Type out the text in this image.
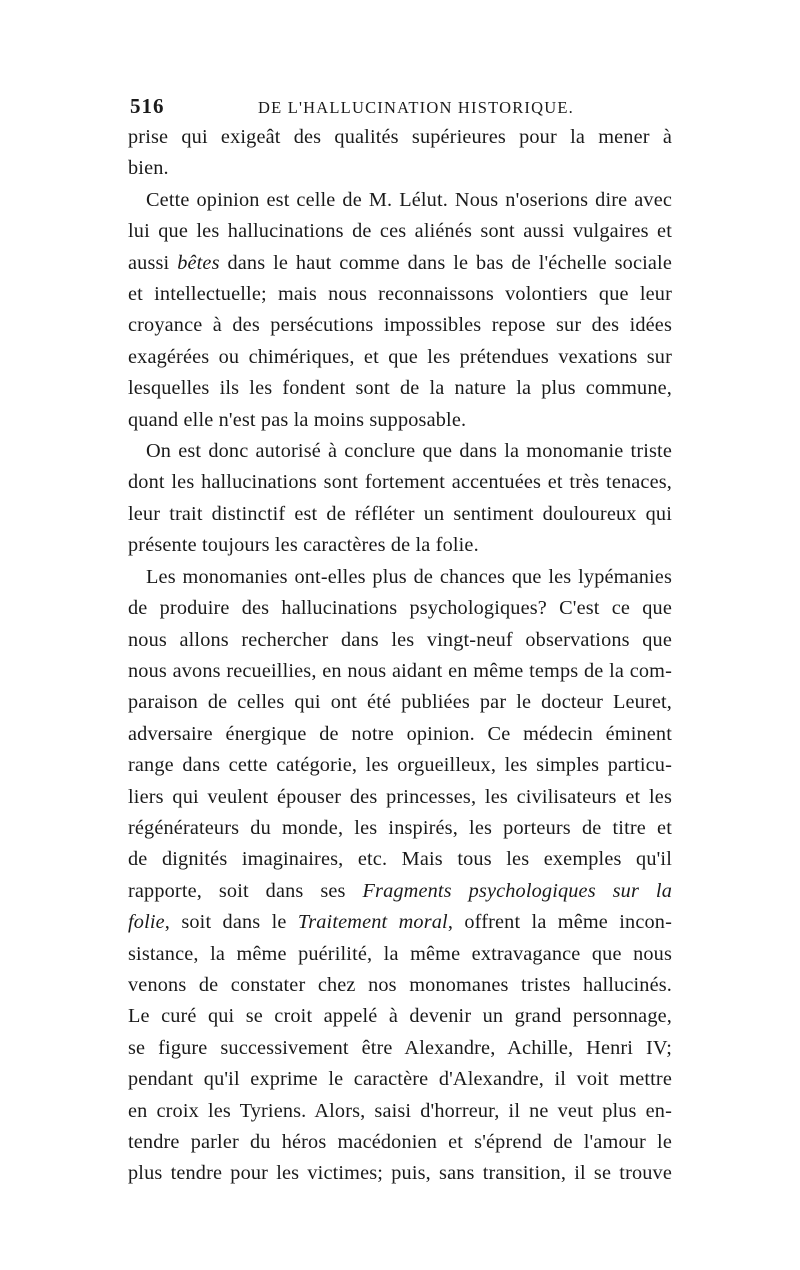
516	DE L'HALLUCINATION HISTORIQUE.
prise qui exigeât des qualités supérieures pour la mener à
bien.
Cette opinion est celle de M. Lélut. Nous n'oserions dire avec
lui que les hallucinations de ces aliénés sont aussi vulgaires et
aussi bêtes dans le haut comme dans le bas de l'échelle sociale
et intellectuelle; mais nous reconnaissons volontiers que leur
croyance à des persécutions impossibles repose sur des idées
exagérées ou chimériques, et que les prétendues vexations sur
lesquelles ils les fondent sont de la nature la plus commune,
quand elle n'est pas la moins supposable.
On est donc autorisé à conclure que dans la monomanie triste
dont les hallucinations sont fortement accentuées et très tenaces,
leur trait distinctif est de réfléter un sentiment douloureux qui
présente toujours les caractères de la folie.
Les monomanies ont-elles plus de chances que les lypémanies
de produire des hallucinations psychologiques? C'est ce que
nous allons rechercher dans les vingt-neuf observations que
nous avons recueillies, en nous aidant en même temps de la com-
paraison de celles qui ont été publiées par le docteur Leuret,
adversaire énergique de notre opinion. Ce médecin éminent
range dans cette catégorie, les orgueilleux, les simples particu-
liers qui veulent épouser des princesses, les civilisateurs et les
régénérateurs du monde, les inspirés, les porteurs de titre et
de dignités imaginaires, etc. Mais tous les exemples qu'il
rapporte, soit dans ses Fragments psychologiques sur la
folie, soit dans le Traitement moral, offrent la même incon-
sistance, la même puérilité, la même extravagance que nous
venons de constater chez nos monomanes tristes hallucinés.
Le curé qui se croit appelé à devenir un grand personnage,
se figure successivement être Alexandre, Achille, Henri IV;
pendant qu'il exprime le caractère d'Alexandre, il voit mettre
en croix les Tyriens. Alors, saisi d'horreur, il ne veut plus en-
tendre parler du héros macédonien et s'éprend de l'amour le
plus tendre pour les victimes; puis, sans transition, il se trouve
